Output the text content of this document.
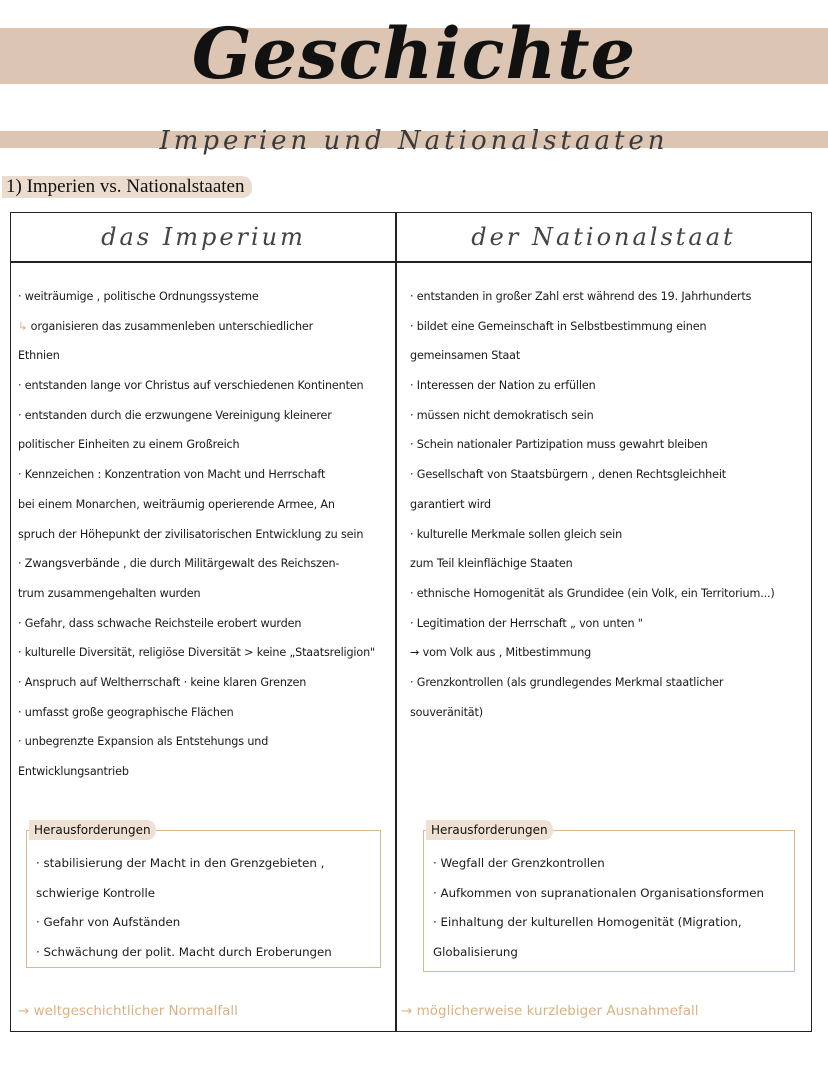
Geschichte
Imperien und Nationalstaaten
1) Imperien vs. Nationalstaaten
das Imperium	der Nationalstaat
· weiträumige , politische Ordnungssysteme
↳ organisieren das zusammenleben unterschiedlicher
Ethnien
· entstanden lange vor Christus auf verschiedenen Kontinenten
· entstanden durch die erzwungene Vereinigung kleinerer
politischer Einheiten zu einem Großreich
· Kennzeichen : Konzentration von Macht und Herrschaft
bei einem Monarchen, weiträumig operierende Armee, An
spruch der Höhepunkt der zivilisatorischen Entwicklung zu sein
· Zwangsverbände , die durch Militärgewalt des Reichszen-
trum zusammengehalten wurden
· Gefahr, dass schwache Reichsteile erobert wurden
· kulturelle Diversität, religiöse Diversität > keine „Staatsreligion"
· Anspruch auf Weltherrschaft · keine klaren Grenzen
· umfasst große geographische Flächen
· unbegrenzte Expansion als Entstehungs und
Entwicklungsantrieb
· entstanden in großer Zahl erst während des 19. Jahrhunderts
· bildet eine Gemeinschaft in Selbstbestimmung einen
gemeinsamen Staat
· Interessen der Nation zu erfüllen
· müssen nicht demokratisch sein
· Schein nationaler Partizipation muss gewahrt bleiben
· Gesellschaft von Staatsbürgern , denen Rechtsgleichheit
garantiert wird
· kulturelle Merkmale sollen gleich sein
zum Teil kleinflächige Staaten
· ethnische Homogenität als Grundidee (ein Volk, ein Territorium...)
· Legitimation der Herrschaft „ von unten "
→ vom Volk aus , Mitbestimmung
· Grenzkontrollen (als grundlegendes Merkmal staatlicher
souveränität)
Herausforderungen
· stabilisierung der Macht in den Grenzgebieten ,
schwierige Kontrolle
· Gefahr von Aufständen
· Schwächung der polit. Macht durch Eroberungen
Herausforderungen
· Wegfall der Grenzkontrollen
· Aufkommen von supranationalen Organisationsformen
· Einhaltung der kulturellen Homogenität (Migration,
Globalisierung
→ weltgeschichtlicher Normalfall	→ möglicherweise kurzlebiger Ausnahmefall
